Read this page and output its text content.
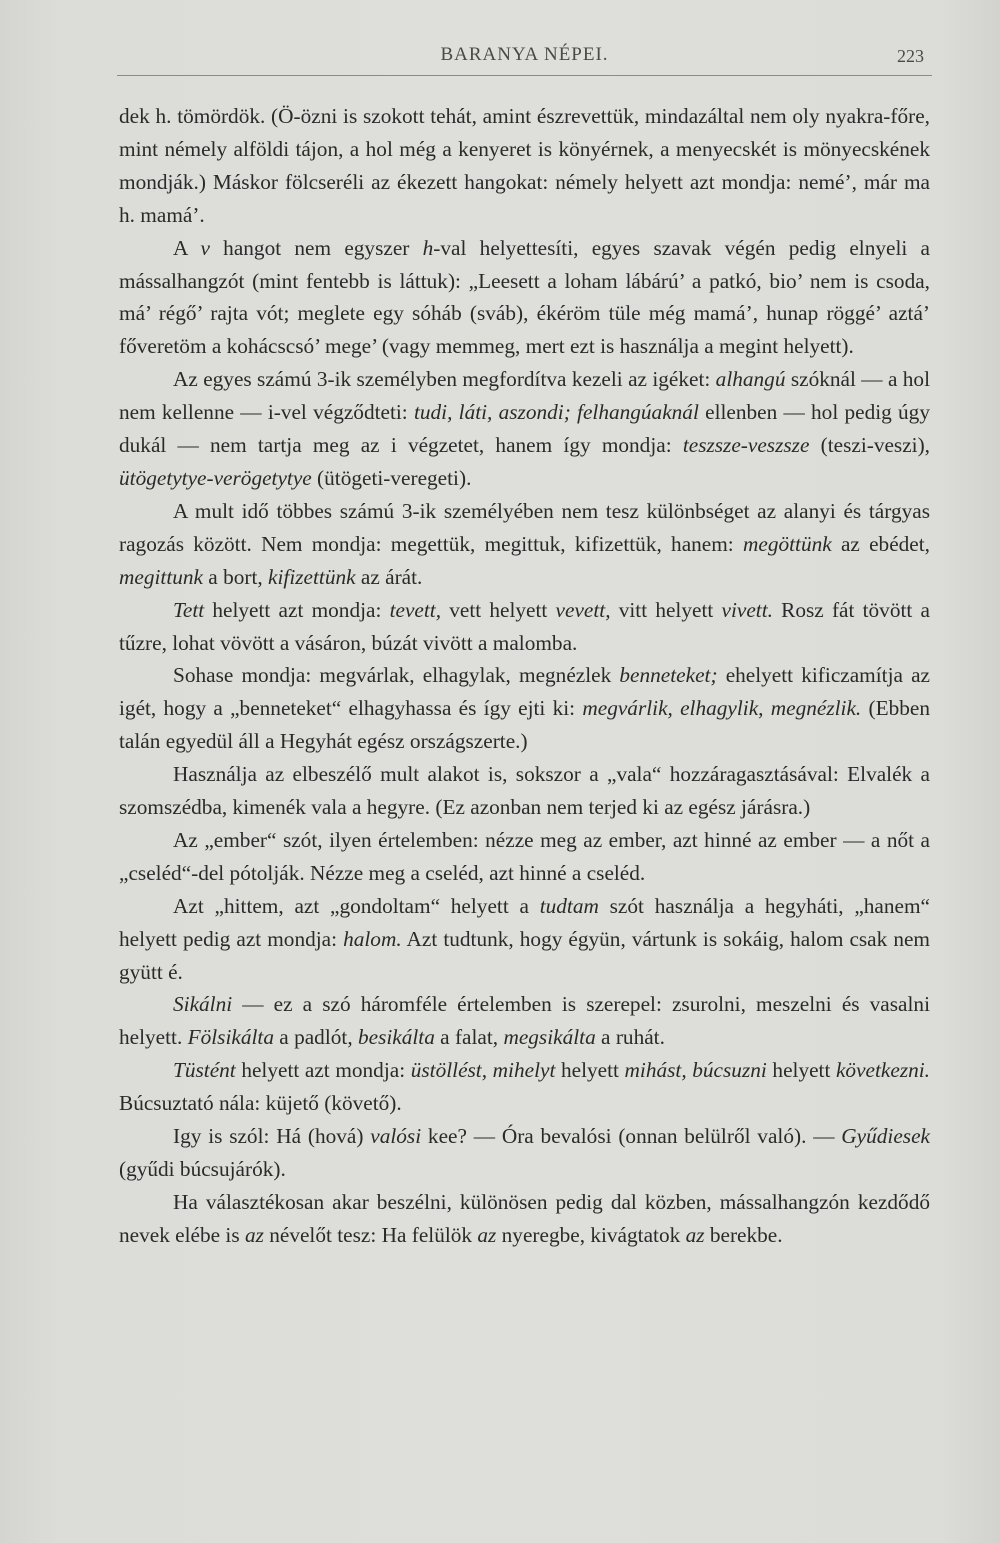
BARANYA NÉPEI.	223

dek h. tömördök. (Ö-özni is szokott tehát, amint észrevettük, mindazáltal nem oly nyakra-főre, mint némely alföldi tájon, a hol még a kenyeret is könyérnek, a menyecskét is mönyecskének mondják.) Máskor fölcseréli az ékezett hangokat: némely helyett azt mondja: nemé’, már ma h. mamá’.

A v hangot nem egyszer h-val helyettesíti, egyes szavak végén pedig elnyeli a mássalhangzót (mint fentebb is láttuk): „Leesett a loham lábárú’ a patkó, bio’ nem is csoda, má’ régő’ rajta vót; meglete egy sóháb (sváb), ékéröm tüle még mamá’, hunap röggé’ aztá’ főveretöm a kohácscsó’ mege’ (vagy memmeg, mert ezt is használja a megint helyett).

Az egyes számú 3-ik személyben megfordítva kezeli az igéket: alhangú szóknál — a hol nem kellenne — i-vel végződteti: tudi, láti, aszondi; felhangúaknál ellenben — hol pedig úgy dukál — nem tartja meg az i végzetet, hanem így mondja: teszsze-veszsze (teszi-veszi), ütögetytye-verögetytye (ütögeti-veregeti).

A mult idő többes számú 3-ik személyében nem tesz különbséget az alanyi és tárgyas ragozás között. Nem mondja: megettük, megittuk, kifizettük, hanem: megöttünk az ebédet, megittunk a bort, kifizettünk az árát.

Tett helyett azt mondja: tevett, vett helyett vevett, vitt helyett vivett. Rosz fát tövött a tűzre, lohat vövött a vásáron, búzát vivött a malomba.

Sohase mondja: megvárlak, elhagylak, megnézlek benneteket; ehelyett kificzamítja az igét, hogy a „benneteket“ elhagyhassa és így ejti ki: megvárlik, elhagylik, megnézlik. (Ebben talán egyedül áll a Hegyhát egész országszerte.)

Használja az elbeszélő mult alakot is, sokszor a „vala“ hozzáragasztásával: Elvalék a szomszédba, kimenék vala a hegyre. (Ez azonban nem terjed ki az egész járásra.)

Az „ember“ szót, ilyen értelemben: nézze meg az ember, azt hinné az ember — a nőt a „cseléd“-del pótolják. Nézze meg a cseléd, azt hinné a cseléd.

Azt „hittem, azt „gondoltam“ helyett a tudtam szót használja a hegyháti, „hanem“ helyett pedig azt mondja: halom. Azt tudtunk, hogy égyün, vártunk is sokáig, halom csak nem gyütt é.

Sikálni — ez a szó háromféle értelemben is szerepel: zsurolni, meszelni és vasalni helyett. Fölsikálta a padlót, besikálta a falat, megsikálta a ruhát.

Tüstént helyett azt mondja: üstöllést, mihelyt helyett mihást, búcsuzni helyett következni. Búcsuztató nála: küjető (követő).

Igy is szól: Há (hová) valósi kee? — Óra bevalósi (onnan belülről való). — Gyűdiesek (gyűdi búcsujárók).

Ha választékosan akar beszélni, különösen pedig dal közben, mássalhangzón kezdődő nevek elébe is az névelőt tesz: Ha felülök az nyeregbe, kivágtatok az berekbe.
